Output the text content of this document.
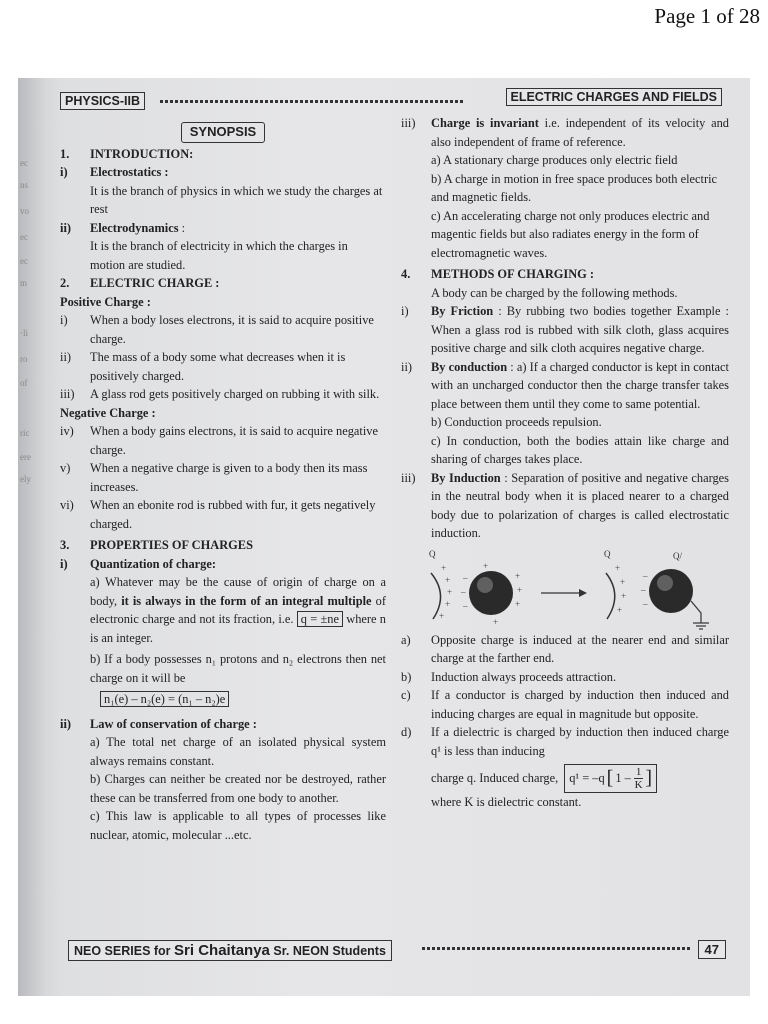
Page 1 of 28
ec
ns
vo
ec
ec
m
·li
ro
of
ric
ere
ely
PHYSICS-IIB	ELECTRIC CHARGES AND FIELDS
SYNOPSIS
1.	INTRODUCTION:
i)	Electrostatics :
It is the branch of physics in which we study the charges at rest
ii)	Electrodynamics :
It is the branch of electricity in which the charges in motion are studied.
2.	ELECTRIC CHARGE :
Positive Charge :
i)	When a body loses electrons, it is said to acquire positive charge.
ii)	The mass of a body some what decreases when it is positively charged.
iii)	A glass rod gets positively charged on rubbing it with silk.
Negative Charge :
iv)	When a body gains electrons, it is said to acquire negative charge.
v)	When a negative charge is given to a body then its mass increases.
vi)	When an ebonite rod is rubbed with fur, it gets negatively charged.
3.	PROPERTIES OF CHARGES
i)	Quantization of charge:
a) Whatever may be the cause of origin of charge on a body, it is always in the form of an integral multiple of electronic charge and not its fraction, i.e. q = ±ne where n is an integer.
b) If a body possesses n₁ protons and n₂ electrons then net charge on it will be
n₁(e) – n₂(e) = (n₁ – n₂)e
ii)	Law of conservation of charge :
a) The total net charge of an isolated physical system always remains constant.
b) Charges can neither be created nor be destroyed, rather these can be transferred from one body to another.
c) This law is applicable to all types of processes like nuclear, atomic, molecular ...etc.
iii)	Charge is invariant i.e. independent of its velocity and also independent of frame of reference.
a) A stationary charge produces only electric field
b) A charge in motion in free space produces both electric and magnetic fields.
c) An accelerating charge not only produces electric and magentic fields but also radiates energy in the form of electromagnetic waves.
4.	METHODS OF CHARGING :
A body can be charged by the following methods.
i)	By Friction : By rubbing two bodies together Example : When a glass rod is rubbed with silk cloth, glass acquires positive charge and silk cloth acquires negative charge.
ii)	By conduction : a) If a charged conductor is kept in contact with an uncharged conductor then the charge transfer takes place between them until they come to same potential.
b) Conduction proceeds repulsion.
c) In conduction, both the bodies attain like charge and sharing of charges takes place.
iii)	By Induction : Separation of positive and negative charges in the neutral body when it is placed nearer to a charged body due to polarization of charges is called electrostatic induction.
Q
+
+
+
+
+
–
–
–
+
+
+
+
+
Q
+
+
+
+
Q/
–
–
–
a)	Opposite charge is induced at the nearer end and similar charge at the farther end.
b)	Induction always proceeds attraction.
c)	If a conductor is charged by induction then induced and inducing charges are equal in magnitude but opposite.
d)	If a dielectric is charged by induction then induced charge q¹ is less than inducing
charge q. Induced charge, q¹ = –q [ $1 - \frac{1}{K}$ ]
where K is dielectric constant.
NEO SERIES for Sri Chaitanya Sr. NEON Students	47
